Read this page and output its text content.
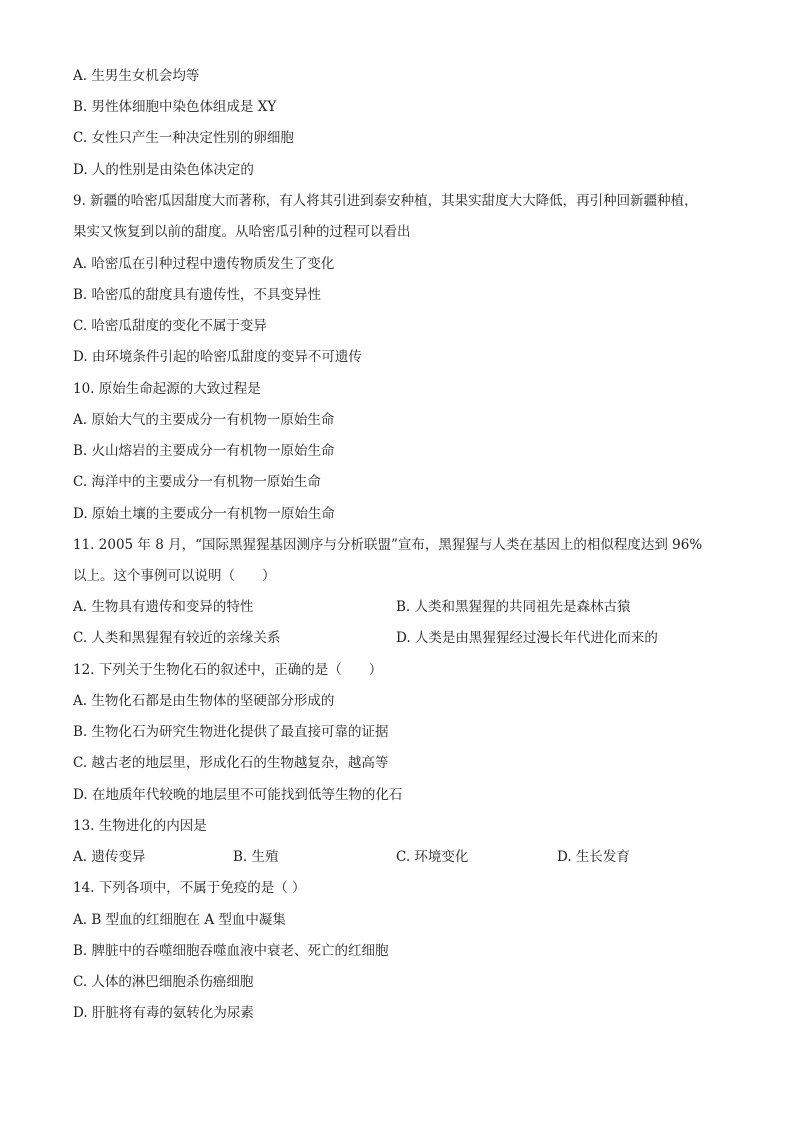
A. 生男生女机会均等
B. 男性体细胞中染色体组成是 XY
C. 女性只产生一种决定性别的卵细胞
D. 人的性别是由染色体决定的
9. 新疆的哈密瓜因甜度大而著称，有人将其引进到泰安种植，其果实甜度大大降低，再引种回新疆种植，
果实又恢复到以前的甜度。从哈密瓜引种的过程可以看出
A. 哈密瓜在引种过程中遗传物质发生了变化
B. 哈密瓜的甜度具有遗传性，不具变异性
C. 哈密瓜甜度的变化不属于变异
D. 由环境条件引起的哈密瓜甜度的变异不可遗传
10. 原始生命起源的大致过程是
A. 原始大气的主要成分一有机物一原始生命
B. 火山熔岩的主要成分一有机物一原始生命
C. 海洋中的主要成分一有机物一原始生命
D. 原始土壤的主要成分一有机物一原始生命
11. 2005 年 8 月，“国际黑猩猩基因测序与分析联盟”宣布，黑猩猩与人类在基因上的相似程度达到 96%
以上。这个事例可以说明（　　）
A. 生物具有遗传和变异的特性	B. 人类和黑猩猩的共同祖先是森林古猿
C. 人类和黑猩猩有较近的亲缘关系	D. 人类是由黑猩猩经过漫长年代进化而来的
12. 下列关于生物化石的叙述中，正确的是（　　）
A. 生物化石都是由生物体的坚硬部分形成的
B. 生物化石为研究生物进化提供了最直接可靠的证据
C. 越古老的地层里，形成化石的生物越复杂，越高等
D. 在地质年代较晚的地层里不可能找到低等生物的化石
13. 生物进化的内因是
A. 遗传变异	B. 生殖	C. 环境变化	D. 生长发育
14. 下列各项中，不属于免疫的是（ ）
A. B 型血的红细胞在 A 型血中凝集
B. 脾脏中的吞噬细胞吞噬血液中衰老、死亡的红细胞
C. 人体的淋巴细胞杀伤癌细胞
D. 肝脏将有毒的氨转化为尿素
